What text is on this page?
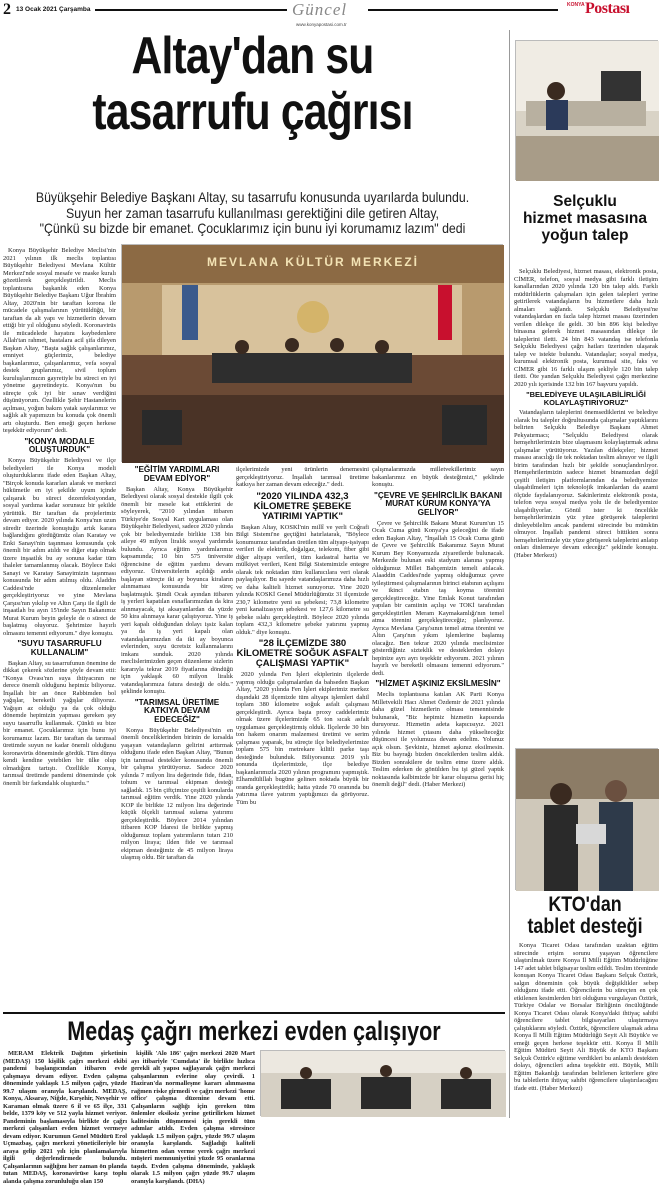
2 13 Ocak 2021 Çarşamba	Güncel
www.konyapostasi.com.tr
KONYA Postası
Altay'dan su
tasarrufu çağrısı
Büyükşehir Belediye Başkanı Altay, su tasarrufu konusunda uyarılarda bulundu.
Suyun her zaman tasarrufu kullanılması gerektiğini dile getiren Altay,
"Çünkü su bizde bir emanet. Çocuklarımız için bunu iyi korumamız lazım" dedi

Konya Büyükşehir Belediye Meclisi'nin 2021 yılının ilk meclis toplantısı Büyükşehir Belediyesi Mevlana Kültür Merkezi'nde sosyal mesafe ve maske kuralı gözetilerek gerçekleştirildi. Meclis toplantısına başkanlık eden Konya Büyükşehir Belediye Başkanı Uğur İbrahim Altay, 2020'nin bir taraftan korona ile mücadele çalışmalarının yürütüldüğü, bir taraftan da alt yapı ve hizmetlerin devam ettiği bir yıl olduğunu söyledi. Koronavirüs ile mücadelede hayatını kaybedenlere Allah'tan rahmet, hastalara acil şifa dileyen Başkan Altay, "Başta sağlık çalışanlarımız, emniyet güçlerimiz, belediye başkanlarımız, çalışanlarımız, vefa sosyal destek gruplarımız, sivil toplum kuruluşlarımızın gayretiyle bu süreci en iyi yönetme gayretindeyiz. Konya'nın bu süreçte çok iyi bir sınav verdiğini düşünüyorum. Özellikle Şehir Hastanelerin açılması, yoğun bakım yatak sayılarımız ve sağlık alt yapımızın bu konuda çok önemli artı oluşturdu. Ben emeği geçen herkese teşekkür ediyorum" dedi.

"KONYA MODALE OLUŞTURDUK"

Konya Büyükşehir Belediyesi ve ilçe belediyeleri ile Konya modeli oluşturduklarını ifade eden Başkan Altay, "Birçok konuda kararları alarak ve merkezi hükümetle en iyi şekilde uyum içinde çalışarak bu süreci dezenfeksiyondan, sosyal yardıma kadar sorunsuz bir şekilde yürüttük. Bir taraftan da projelerimiz devam ediyor. 2020 yılında Konya'nın uzun süredir üzerinde konuştuğu artık karara bağlandığını gördüğümüz olan Karatay ve Enki Sanayi'nin taşınması konusunda çok önemli bir adım atıldı ve diğer etap olmak üzere inşaatlık bu ay sonuna kadar tüm ihaleler tamamlanmış olacak. Böylece Eski Sanayi ve Karatay Sanayimizin taşınması konusunda bir adım atılmış oldu. Aladdin Caddesi'nde düzenlemeler gerçekleştiriyoruz ve yine Mevlana Çarşısı'nın yıkılıp ve Altın Çarşı ile ilgili de inşaatlah bu ayın 15'inde Sayın Bakanımız Murat Kurum beyin geleyle de o süreci de başlatmış oluyoruz. Şehrimize hayırlı olmasını temenni ediyorum." diye konuştu.

"SUYU TASARRUFLU KULLANALIM"

Başkan Altay, su tasarrufunun önemine de dikkat çekerek sözlerine şöyle devam etti: "Konya Ovası'nın suya ihtiyacının ne derece önemli olduğunu hepimiz biliyoruz. İnşallah bir an önce Rabbimden bol yağışlar, bereketli yağışlar diliyoruz. Yağışın az olduğu ya da çok olduğu dönemde hepimizin yapması gereken şey suyu tasarruflu kullanmak. Çünkü su bize bir emanet. Çocuklarımız için bunu iyi korumamız lazım. Bir taraftan da tarımsal üretimde suyun ne kadar önemli olduğunu koronavirüs döneminde gördük. Tüm dünya kendi kendine yetebilen bir ülke olup olmadığını tartıştı. Özellikle Konya, tarımsal üretimde pandemi döneminde çok önemli bir farkındalık oluşturdu."

MEVLANA KÜLTÜR MERKEZİ
"EĞİTİM YARDIMLARI DEVAM EDİYOR"

Başkan Altay, Konya Büyükşehir Belediyesi olarak sosyal destekle ilgili çok önemli bir mesele kat ettiklerini de söyleyerek, "2010 yılından itibaren Türkiye'de Sosyal Kart uygulaması olan Büyükşehir Belediyesi, sadece 2020 yılında çok bir belediyemizde birlikte 138 bin aileye 49 milyon liralık sosyal yardımda bulundu. Ayrıca eğitim yardımlarımız kapsamında; 10 bin 575 üniversite öğrencisine de eğitim yardımı devam ediyoruz. Üniversitelerin açıldığı anda başlayan süreçte iki ay boyunca kiraların alınmaması konusunda bir süreç başlatmıştık. Şimdi Ocak ayından itibaren iş yerleri kapatılan esnaflarımızdan da kira alınmayacak, işi aksayanlardan da yüzde 50 kira alınmaya karar çalıştıyoruz. Yine iş yeri kapalı olduğundan dolayı işsiz kalan ya da iş yeri kapalı olan vatandaşlarımızdan da iki ay boyunca evlerinden, suyu ücretsiz kullanmalarını imkanı sunduk. 2020 yılında meclislerimizden geçen düzenleme sizlerin kararıyla tekrar 2019 fiyatlarına döndüğü için yaklaşık 60 milyon liralık vatandaşlarımıza fatura desteği de oldu." şeklinde konuştu.

"TARIMSAL ÜRETİME KATKIYA DEVAM EDECEĞİZ"

Konya Büyükşehir Belediyesi'nin en önemli önceliklerinden birinin de kırsalda yaşayan vatandaşların gelirini arttırmak olduğunu ifade eden Başkan Altay, "Bunun için tarımsal destekler konusunda önemli bir çalışma yürütüyoruz. Sadece 2020 yılında 7 milyon lira değerinde fide, fidan, tohum ve tarımsal ekipman desteği sağladık. 15 bin çiftçimize çeşitli konularda tarımsal eğitim verdik. Yine 2020 yılında KOP ile birlikte 12 milyon lira değerinde küçük ölçekli tarımsal sulama yatırımı gerçekleştirdik. Böylece 2014 yılından itibaren KOP İdaresi ile birlikte yapmış olduğumuz toplam yatırımların tutarı 210 milyon liraya; ilden fide ve tarımsal ekipman desteğimiz de 45 milyon liraya ulaşmış oldu. Bir taraftan da

ilçelerimizde yeni ürünlerin denemesini gerçekleştiriyoruz. İnşallah tarımsal üretime katkıya her zaman devam edeceğiz." dedi.

"2020 YILINDA 432,3 KİLOMETRE ŞEBEKE YATIRIMI YAPTIK"

Başkan Altay, KOSKİ'nin millî ve yerli Coğrafi Bilgi Sistemi'ne geçtiğini hatırlatarak, "Böylece konumumuz tarafından üretilen tüm altyapı-işsiyapı verileri ile elektrik, doğalgaz, telekom, fiber gibi diğer altyapı verileri, tüm kadastral harita ve mülkiyet verileri, Kent Bilgi Sistemimizle entegre olarak tek noktadan tüm kullanıcılara veri olarak paylaşılıyor. Bu sayede vatandaşlarımıza daha hızlı ve daha kaliteli hizmet sunuyoruz. Yine 2020 yılında KOSKİ Genel Müdürlüğümüz 31 ilçemizde 230,7 kilometre yeni su şebekesi; 73,8 kilometre yeni kanalizasyon şebekesi ve 127,6 kilometre su şebeke ıslahı gerçekleştirdi. Böylece 2020 yılında toplam 432,3 kilometre şebeke yatırımı yapmış olduk." diye konuştu.

"28 İLÇEMİZDE 380 KİLOMETRE SOĞUK ASFALT ÇALIŞMASI YAPTIK"

2020 yılında Fen İşleri ekiplerinin ilçelerde yapmış olduğu çalışmalardan da bahseden Başkan Altay, "2020 yılında Fen İşleri ekiplerimiz merkez dışındaki 28 ilçemizde tüm altyapı işlemleri dahil toplam 380 kilometre soğuk asfalt çalışması gerçekleştirdi. Ayrıca başta proxy caddelerimiz olmak üzere ilçelerimizde 65 ton sıcak asfalt uygulaması gerçekleştirmiş olduk. İlçelerde 30 bin ton hakem onarım malzemesi üretimi ve serim çalışması yaparak, bu süreçte ilçe belediyelerimize toplam 575 bin metrekare kilitli parke taşı desteğinde bulunduk. Biliyorsunuz 2019 yılı sonunda ilçelerimizde, ilçe belediye başkanlarımızla 2020 yılının programını yapmıştık. Elhamdülillah bugüne gelinen noktada büyük bir oranda gerçekleştirdik; hatta yüzde 70 oranında bu yatırıma ilave yatırım yaptığımızı da görüyoruz. Tüm bu

çalışmalarımızda milletvekillerimiz sayın bakanlarımız en büyük desteğimizi," şeklinde konuştu.

"ÇEVRE VE ŞEHİRCİLİK BAKANI MURAT KURUM KONYA'YA GELİYOR"

Çevre ve Şehircilik Bakanı Murat Kurum'un 15 Ocak Cuma günü Konya'ya geleceğini de ifade eden Başkan Altay, "İnşallah 15 Ocak Cuma günü de Çevre ve Şehircilik Bakanımız Sayın Murat Kurum Bey Konyamızda ziyaretlerde bulunacak. Merkezde bulunan eski stadyum alanına yapmış olduğumuz Millet Bahçemizin temeli atılacak. Alaaddin Caddesi'nde yapmış olduğumuz çevre iyileştirmesi çalışmalarının birinci etabının açılışını ve ikinci etabın taş koyma törenini gerçekleştireceğiz. Yine Emlak Konut tarafından yapılan bir camiinin açılışı ve TOKİ tarafından gerçekleştirilen Meram Kaymakamlığı'nın temel atma törenini gerçekleştireceğiz; planlıyoruz. Ayrıca Mevlana Çarşı'sının temel atma törenini ve Altın Çarşı'nın yıkım işlemlerine başlamış olacağız. Ben tekrar 2020 yılında meclisimize gösterdiğiniz sizteklik ve desteklerden dolayı hepinize ayrı ayrı teşekkür ediyorum. 2021 yılının hayırlı ve bereketli olmasını temenni ediyorum." dedi.

"HİZMET AŞKINIZ EKSİLMESİN"

Meclis toplantısına katılan AK Parti Konya Milletvekili Hacı Ahmet Özdemir de 2021 yılında daha güzel hizmetlerin olması temennisinde bulunarak, "Biz hepimiz hizmetin kapısında duruyoruz. Hizmetin adeta kapıcısıyız. 2021 yılında hizmet çıtasını daha yükselteceğiz düşüncesi ile yolumuza devam edelim. Yolunuz açık olsun. Şevkiniz, hizmet aşkınız eksilmesin. Biz bu bayrağı bizden öncekilerden teslim aldık. Bizden sonrakilere de teslim etme üzere aldık. Teslim ederken de gönülden bu işi güzel yaptık noktasında kalbimizde bir karar oluşursa gerisi hiç önemli değil" dedi. (Haber Merkezi)

Selçuklu
hizmet masasına
yoğun talep

Selçuklu Belediyesi, hizmet masası, elektronik posta, CİMER, telefon, sosyal medya gibi farklı iletişim kanallarından 2020 yılında 120 bin talep aldı. Farklı müdürlüklerin çalışmaları için gelen talepleri yerine getirilerek vatandaşların bu hizmetlere daha hızlı almaları sağlandı. Selçuklu Belediyesi'ne vatandaşlardan en fazla talep hizmet masası üzerinden verilen dilekçe ile geldi. 30 bin 896 kişi belediye binasına gelerek hizmet masasından dilekçe ile taleplerini iletti. 24 bin 843 vatandaş ise telefonla Selçuklu Belediyesi çağrı hatları üzerinden ulaşarak talep ve istekte bulundu. Vatandaşlar; sosyal medya, kurumsal elektronik posta, kurumsal site, faks ve CİMER gibi 16 farklı ulaşım şekliyle 120 bin talep iletti. Öte yandan Selçuklu Belediyesi çağrı merkezine 2020 yılı içerisinde 132 bin 167 başvuru yapıldı.

"BELEDİYEYE ULAŞILABİLİRLİĞİ KOLAYLAŞTIRIYORUZ"

Vatandaşların taleplerini önemsediklerini ve belediye olarak bu talepler doğrultusunda çalışmalar yaptıklarını belirten Selçuklu Belediye Başkanı Ahmet Pekyatırmacı; "Selçuklu Belediyesi olarak hemşehrilerimizin bize ulaşmasını kolaylaştırmak adına çalışmalar yürütüyoruz. Yazılan dilekçeler; hizmet masası aracılığı ile tek noktadan teslim alınıyor ve ilgili birim tarafından hızlı bir şekilde sonuçlandırılıyor. Hemşehrilerimizin sadece hizmet binamızdan değil çeşitli iletişim platformlarından da belediyemize ulaşabilmeleri için teknolojik imkanlardan da azami ölçüde faydalanıyoruz. Sakinlerimiz elektronik posta, telefon veya sosyal medya yolu ile de belediyemize ulaşabiliyorlar. Gönül ister ki öncelikle hemşehrilerimizin yüz yüze görüşerek taleplerini dinleyebilelim ancak pandemi sürecinde bu mümkün olmuyor. İnşallah pandemi süreci bittikten sonra hemşehrilerimizle yüz yüze görüşerek taleplerini anlatıp onları dinlemeye devam edeceğiz" şeklinde konuştu. (Haber Merkezi)

KTO'dan
tablet desteği

Konya Ticaret Odası tarafından uzaktan eğitim sürecinde erişim sorunu yaşayan öğrencilere ulaştırılmak üzere Konya İl Milli Eğitim Müdürlüğüne 147 adet tablet bilgisayar teslim edildi. Teslim töreninde konuşan Konya Ticaret Odası Başkanı Selçuk Öztürk, salgın döneminin çok büyük değişiklikler sebep olduğunu ifade etti. Öğrencilerin bu süreçten en çok etkilenen kesimlerden biri olduğunu vurgulayan Öztürk, Türkiye Odalar ve Borsalar Birliğinin öncülüğünde Konya Ticaret Odası olarak Konya'daki ihtiyaç sahibi öğrencilere tablet bilgisayarları ulaştırmaya çalıştıklarını söyledi. Öztürk, öğrencilere ulaşmak adına Konya İl Milli Eğitim Müdürlüğü Seyit Ali Büyük'e ve emeği geçen herkese teşekkür etti. Konya İl Milli Eğitim Müdürü Seyit Ali Büyük de KTO Başkanı Selçuk Öztürk'e eğitime verdikleri bu anlamlı destekten dolayı, öğrencileri adına teşekkür etti. Büyük, Milli Eğitim Bakanlığı tarafından belirlenen kriterlere göre bu tabletlerin ihtiyaç sahibi öğrencilere ulaştırılacağını ifade etti. (Haber Merkezi)

Medaş çağrı merkezi evden çalışıyor

MERAM Elektrik Dağıtım şirketinin (MEDAŞ) 150 kişilik çağrı merkezi ekibi pandemi başlangıcından itibaren evde çalışmaya devam ediyor. Evden çalışma döneminde yaklaşık 1.5 milyon çağrı, yüzde 99.7 ulaşım oranıyla karşılandı. MEDAŞ, Konya, Aksaray, Niğde, Kırşehir, Nevşehir ve Karaman olmak üzere 6 il ve 65 ilçe, 331 belde, 1379 köy ve 512 yayla hizmet veriyor. Pandeminin başlamasıyla birlikte de çağrı merkezi çalışanları evden hizmet vermeye devam ediyor. Kurumun Genel Müdürü Erol Uçmazbaş, çağrı merkezi yöneticileriyle bir araya gelip 2021 yılı için planlamalarıyla ilgili değerlendirmede bulundu. Çalışanlarının sağlığını her zaman ön planda tutan MEDAŞ, koronavirüse karşı toplu alanda çalışma zorunluluğu olan 150

kişilik 'Alo 186' çağrı merkezi 2020 Mart ayı itibariyle 'Cumdata' ile birlikte hızlıca gerekli alt yapısı sağlayarak çağrı merkezi çalışanlarının evlerine olay çevirdi. 1 Haziran'da normalleşme kararı alınmasına rağmen riske girmedi ve çağrı merkezi 'home office' çalışma düzenine devam etti. Çalışanların sağlığı için gereken tüm önlemler eksiksiz yerine getirilirken hizmet kalitesinin düşmemesi için gerekli tüm adımlar atıldı. Evden çalışma süresince yaklaşık 1.5 milyon çağrı, yüzde 99.7 ulaşım oranıyla karşılandı. Sağladığı kaliteli hizmetten odan verme yerek çağrı merkezi müşteri memnuniyetini yüzde 95 oranlarına taşıdı. Evden çalışma döneminde, yaklaşık olarak 1.5 milyon çağrı yüzde 99.7 ulaşım oranıyla karşılandı. (DHA)
